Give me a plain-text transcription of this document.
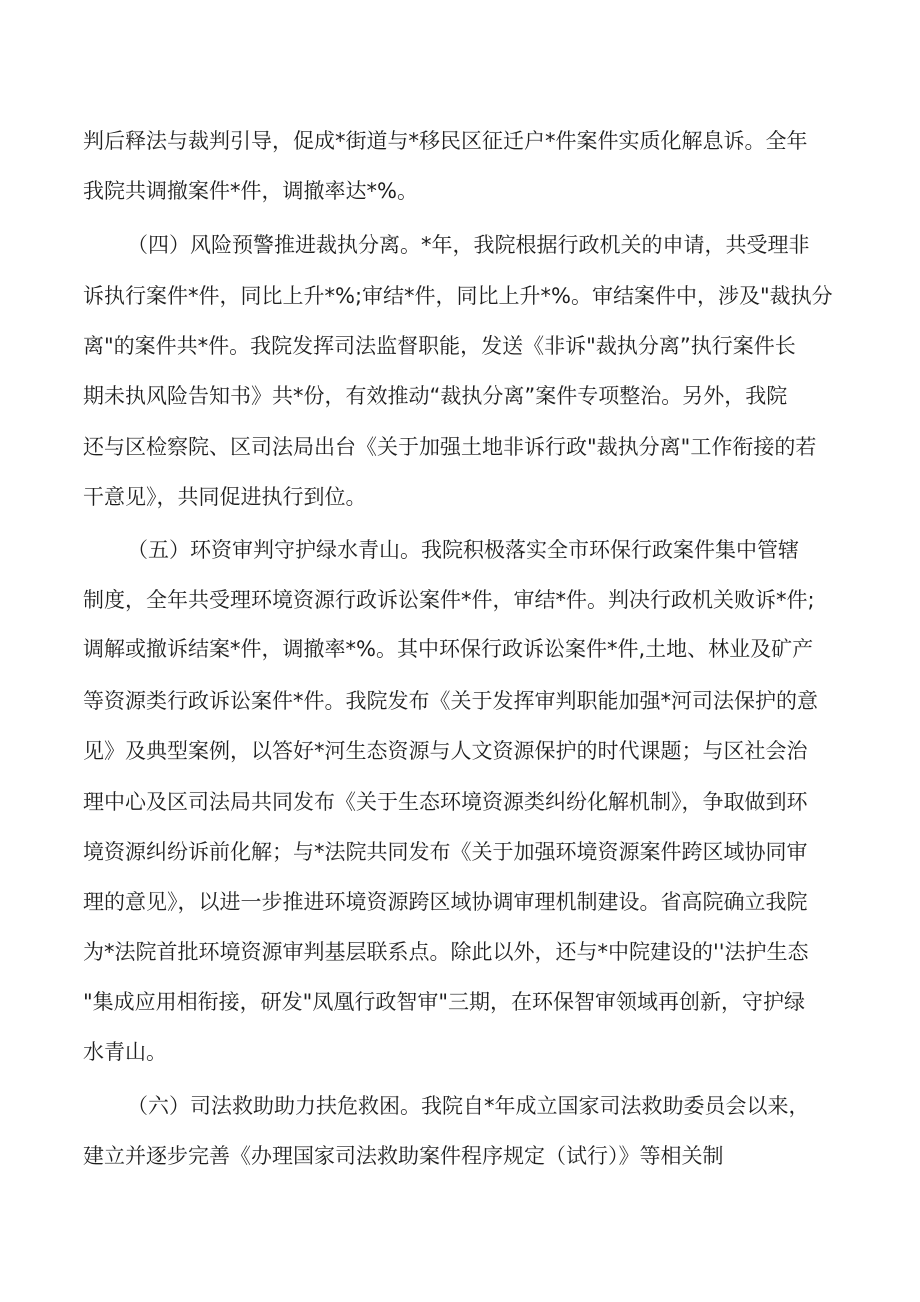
判后释法与裁判引导，促成*街道与*移民区征迁户*件案件实质化解息诉。全年

我院共调撤案件*件，调撤率达*%。

（四）风险预警推进裁执分离。*年，我院根据行政机关的申请，共受理非

诉执行案件*件，同比上升*%;审结*件，同比上升*%。审结案件中，涉及"裁执分

离"的案件共*件。我院发挥司法监督职能，发送《非诉"裁执分离”执行案件长

期未执风险告知书》共*份，有效推动“裁执分离”案件专项整治。另外，我院

还与区检察院、区司法局出台《关于加强土地非诉行政"裁执分离"工作衔接的若

干意见》，共同促进执行到位。

（五）环资审判守护绿水青山。我院积极落实全市环保行政案件集中管辖

制度，全年共受理环境资源行政诉讼案件*件，审结*件。判决行政机关败诉*件;

调解或撤诉结案*件，调撤率*%。其中环保行政诉讼案件*件,土地、林业及矿产

等资源类行政诉讼案件*件。我院发布《关于发挥审判职能加强*河司法保护的意

见》及典型案例，以答好*河生态资源与人文资源保护的时代课题；与区社会治

理中心及区司法局共同发布《关于生态环境资源类纠纷化解机制》，争取做到环

境资源纠纷诉前化解；与*法院共同发布《关于加强环境资源案件跨区域协同审

理的意见》，以进一步推进环境资源跨区域协调审理机制建设。省高院确立我院

为*法院首批环境资源审判基层联系点。除此以外，还与*中院建设的''法护生态

"集成应用相衔接，研发"凤凰行政智审"三期，在环保智审领域再创新，守护绿

水青山。

（六）司法救助助力扶危救困。我院自*年成立国家司法救助委员会以来，

建立并逐步完善《办理国家司法救助案件程序规定（试行）》等相关制
